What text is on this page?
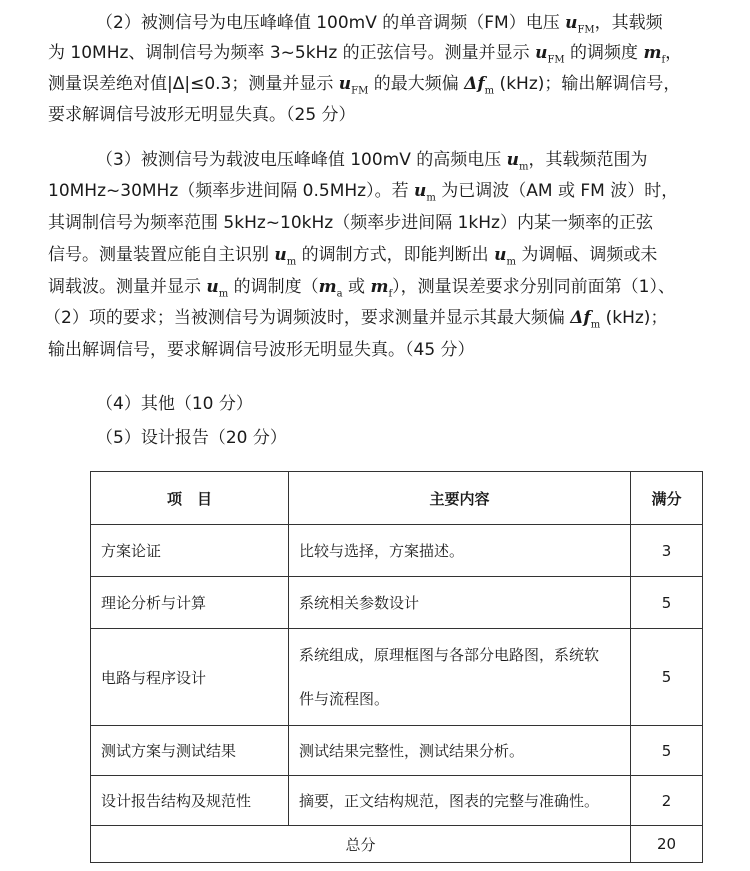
（2）被测信号为电压峰峰值 100mV 的单音调频（FM）电压 $u_{FM}$，其载频
为 10MHz、调制信号为频率 3~5kHz 的正弦信号。测量并显示 $u_{FM}$ 的调频度 $m_f$，
测量误差绝对值|Δ|≤0.3；测量并显示 $u_{FM}$ 的最大频偏 $\Delta f_m$ (kHz)；输出解调信号，
要求解调信号波形无明显失真。（25 分）
（3）被测信号为载波电压峰峰值 100mV 的高频电压 $u_m$，其载频范围为
10MHz~30MHz（频率步进间隔 0.5MHz）。若 $u_m$ 为已调波（AM 或 FM 波）时，
其调制信号为频率范围 5kHz~10kHz（频率步进间隔 1kHz）内某一频率的正弦
信号。测量装置应能自主识别 $u_m$ 的调制方式，即能判断出 $u_m$ 为调幅、调频或未
调载波。测量并显示 $u_m$ 的调制度（$m_a$ 或 $m_f$），测量误差要求分别同前面第（1）、
（2）项的要求；当被测信号为调频波时，要求测量并显示其最大频偏 $\Delta f_m$ (kHz)；
输出解调信号，要求解调信号波形无明显失真。（45 分）
（4）其他（10 分）
（5）设计报告（20 分）
项　目	主要内容	满分
方案论证	比较与选择，方案描述。	3
理论分析与计算	系统相关参数设计	5
电路与程序设计	系统组成，原理框图与各部分电路图，系统软
件与流程图。	5
测试方案与测试结果	测试结果完整性，测试结果分析。	5
设计报告结构及规范性	摘要，正文结构规范，图表的完整与准确性。	2
总分		20
